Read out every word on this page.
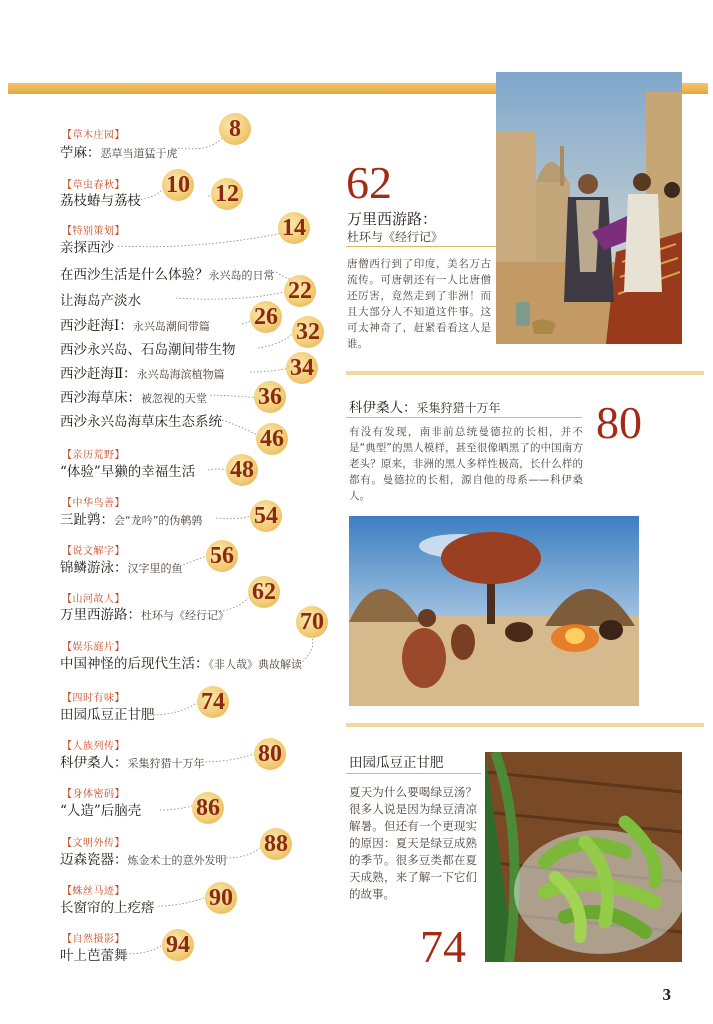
【草木庄园】
苧麻：恶草当道猛于虎
8
【草虫春秋】
荔枝蝽与荔枝
10 12
【特别策划】
亲探西沙
14
在西沙生活是什么体验？永兴岛的日常
22
让海岛产淡水
西沙赶海Ⅰ：永兴岛潮间带篇 26
西沙永兴岛、石岛潮间带生物
32
西沙赶海Ⅱ：永兴岛海滨植物篇	34
西沙海草床：被忽视的天堂 36
西沙永兴岛海草床生态系统
46
【亲历荒野】
“体验”早獭的幸福生活 48
【中华鸟善】
三趾鹑：会“龙吟”的伪鹌鹑 54
【说文解字】
锦鳞游泳：汉字里的鱼 56
【山河故人】
万里西游路：杜环与《经行记》
62
【娱乐庭片】
中国神怪的后现代生活：《非人哉》典故解读
70
【四时有味】
田园瓜豆正甘肥 74
【人族列传】
科伊桑人：采集狩猎十万年 80
【身体密码】
“人造”后脑壳 86
【文明外传】
迈森瓷器：炼金术士的意外发明
88
【蛛丝马迹】
长窗帘的上疙瘩 90
【自然摄影】
叶上芭蕾舞 94
62
万里西游路：
杜环与《经行记》
唐僧西行到了印度，美名万古流传。可唐朝还有一人比唐僧还厉害，竟然走到了非洲！而且大部分人不知道这件事。这可太神奇了，赶紧看看这人是谁。
科伊桑人：采集狩猎十万年 80
有没有发现，南非前总统曼德拉的长相，并不是“典型”的黑人模样，甚至很像晒黑了的中国南方老头？原来，非洲的黑人多样性极高，长什么样的都有。曼德拉的长相，源自他的母系——科伊桑人。
田园瓜豆正甘肥
夏天为什么要喝绿豆汤？很多人说是因为绿豆清凉解暑。但还有一个更现实的原因：夏天是绿豆成熟的季节。很多豆类都在夏天成熟，来了解一下它们的故事。
74
3
